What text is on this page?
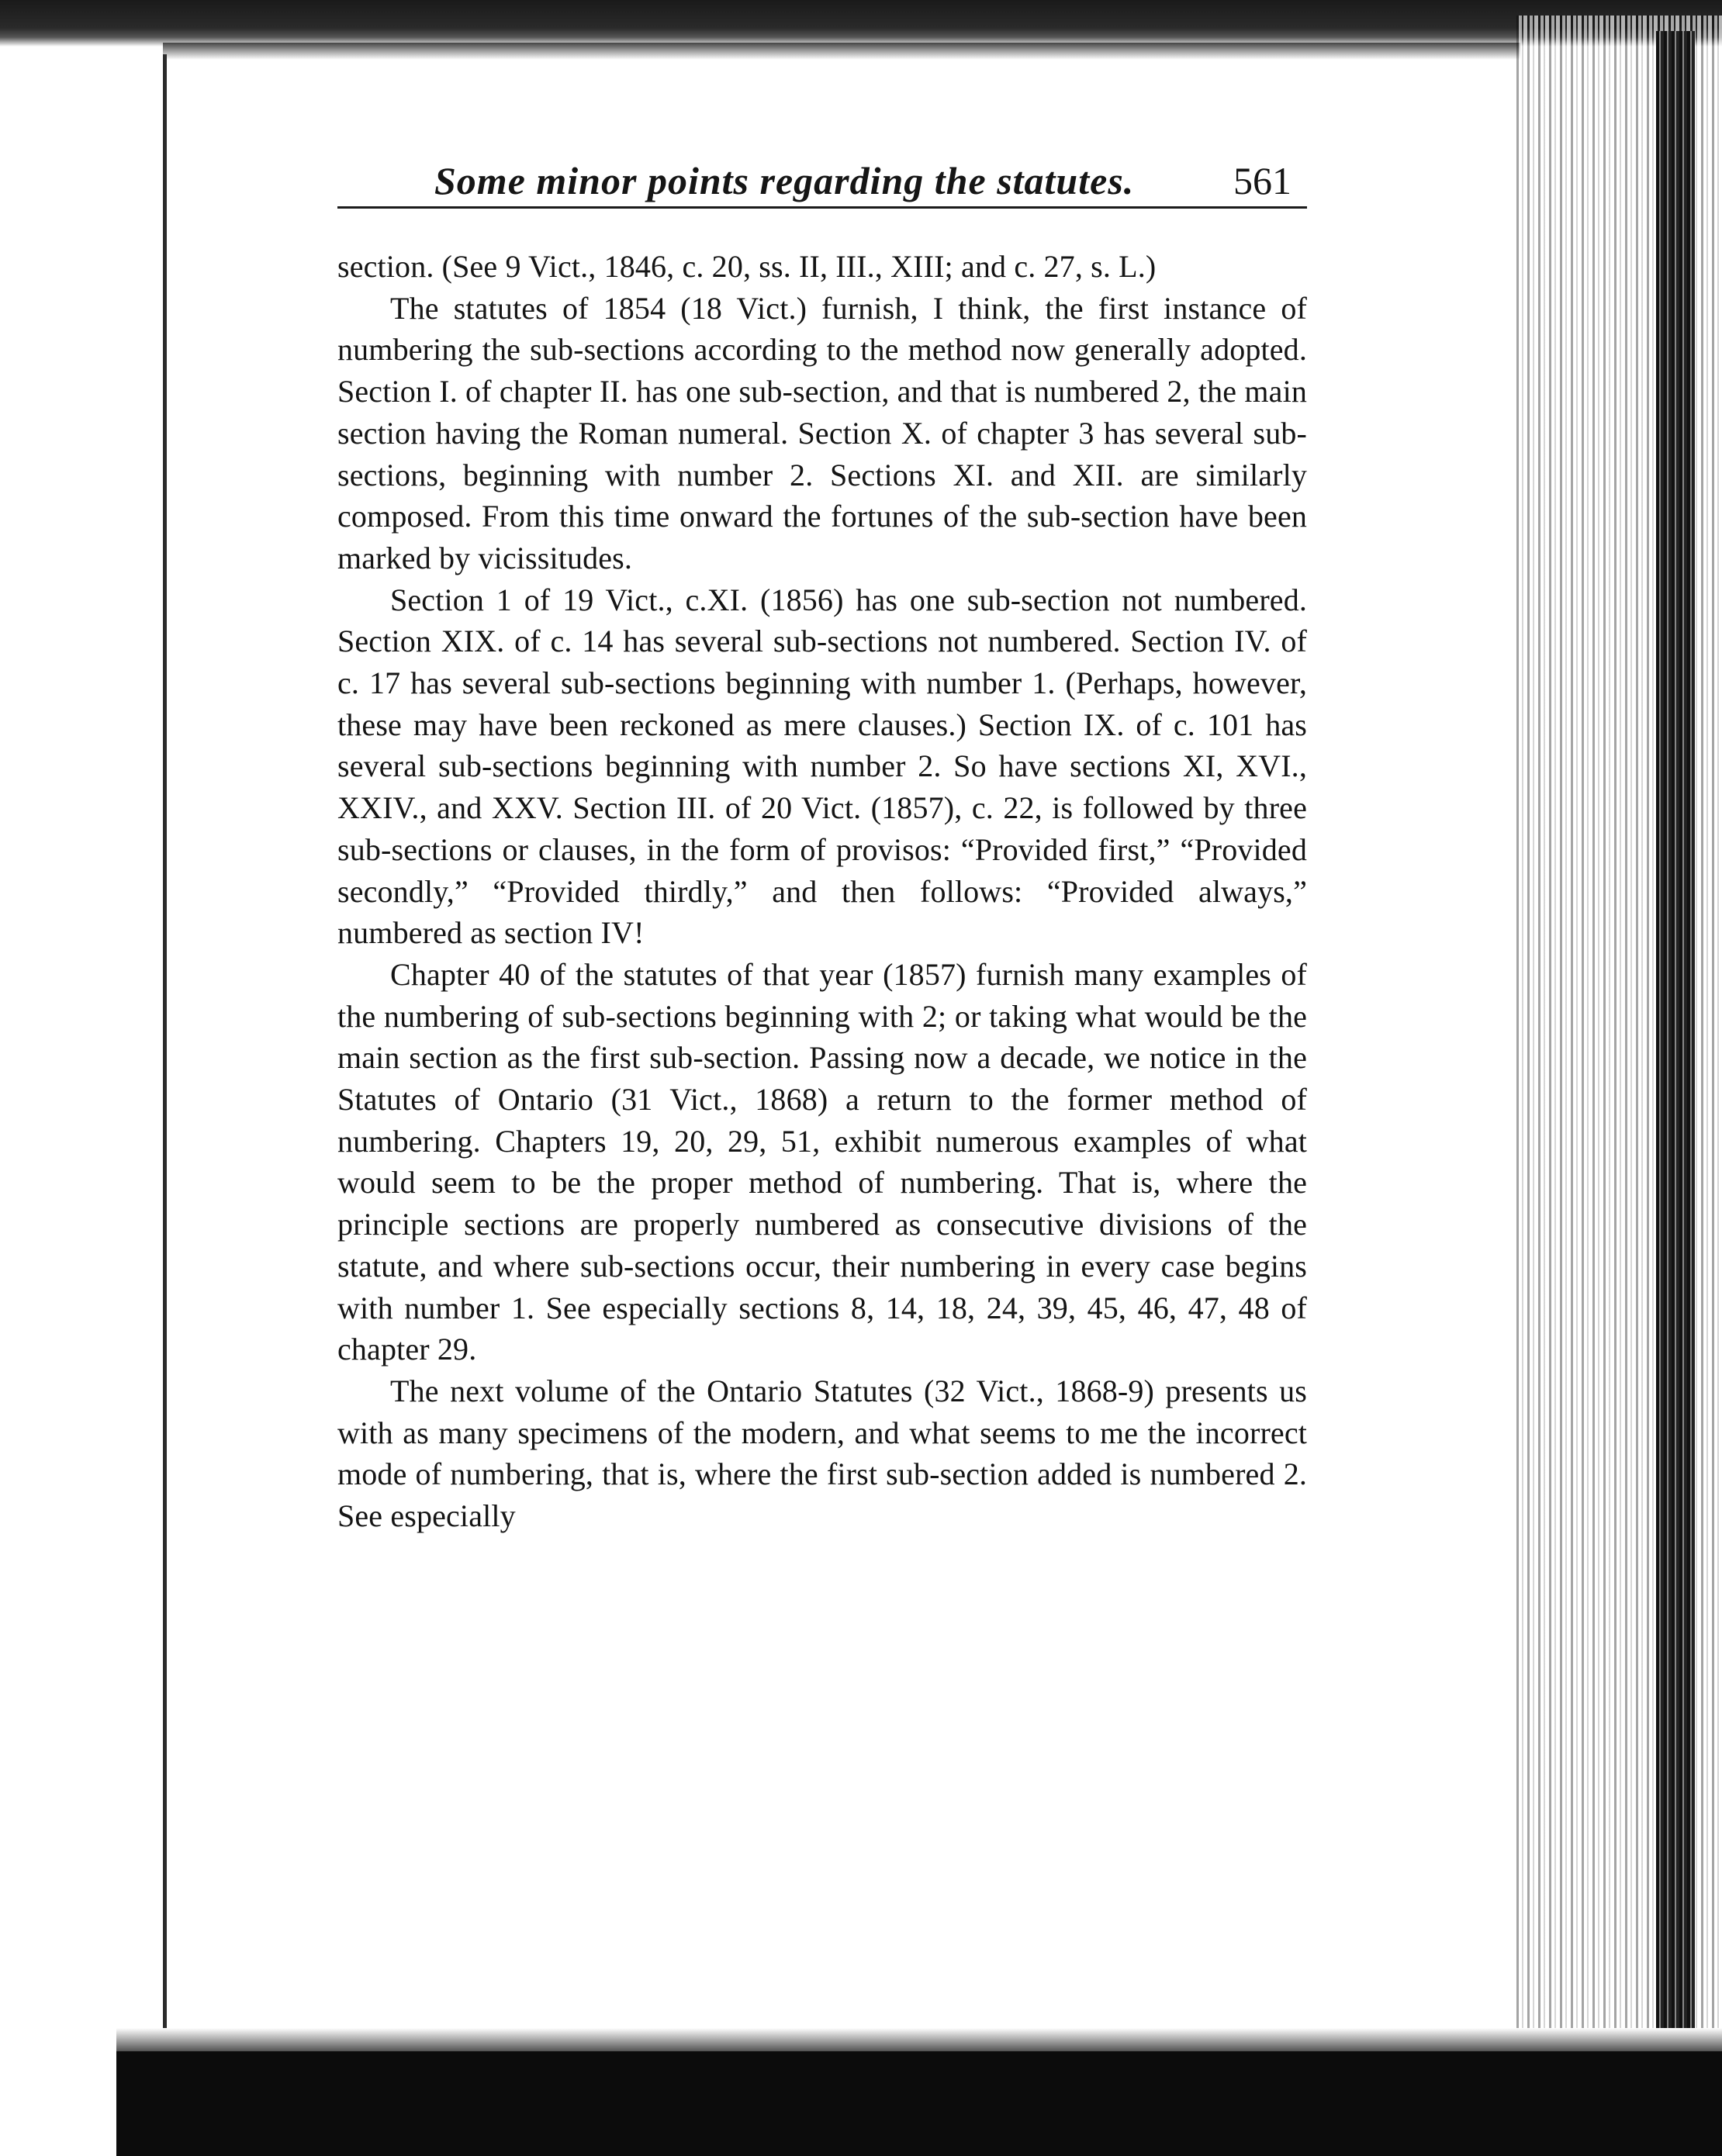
Some minor points regarding the statutes.	561

section. (See 9 Vict., 1846, c. 20, ss. II, III., XIII; and c. 27, s. L.)

The statutes of 1854 (18 Vict.) furnish, I think, the first instance of numbering the sub-sections according to the method now generally adopted. Section I. of chapter II. has one sub-section, and that is numbered 2, the main section having the Roman numeral. Section X. of chapter 3 has several sub-sections, beginning with number 2. Sections XI. and XII. are similarly composed. From this time onward the fortunes of the sub-section have been marked by vicissitudes.

Section 1 of 19 Vict., c.XI. (1856) has one sub-section not numbered. Section XIX. of c. 14 has several sub-sections not numbered. Section IV. of c. 17 has several sub-sections beginning with number 1. (Perhaps, however, these may have been reckoned as mere clauses.) Section IX. of c. 101 has several sub-sections beginning with number 2. So have sections XI, XVI., XXIV., and XXV. Section III. of 20 Vict. (1857), c. 22, is followed by three sub-sections or clauses, in the form of provisos: “Provided first,” “Provided secondly,” “Provided thirdly,” and then follows: “Provided always,” numbered as section IV!

Chapter 40 of the statutes of that year (1857) furnish many examples of the numbering of sub-sections beginning with 2; or taking what would be the main section as the first sub-section. Passing now a decade, we notice in the Statutes of Ontario (31 Vict., 1868) a return to the former method of numbering. Chapters 19, 20, 29, 51, exhibit numerous examples of what would seem to be the proper method of numbering. That is, where the principle sections are properly numbered as consecutive divisions of the statute, and where sub-sections occur, their numbering in every case begins with number 1. See especially sections 8, 14, 18, 24, 39, 45, 46, 47, 48 of chapter 29.

The next volume of the Ontario Statutes (32 Vict., 1868-9) presents us with as many specimens of the modern, and what seems to me the incorrect mode of numbering, that is, where the first sub-section added is numbered 2. See especially
